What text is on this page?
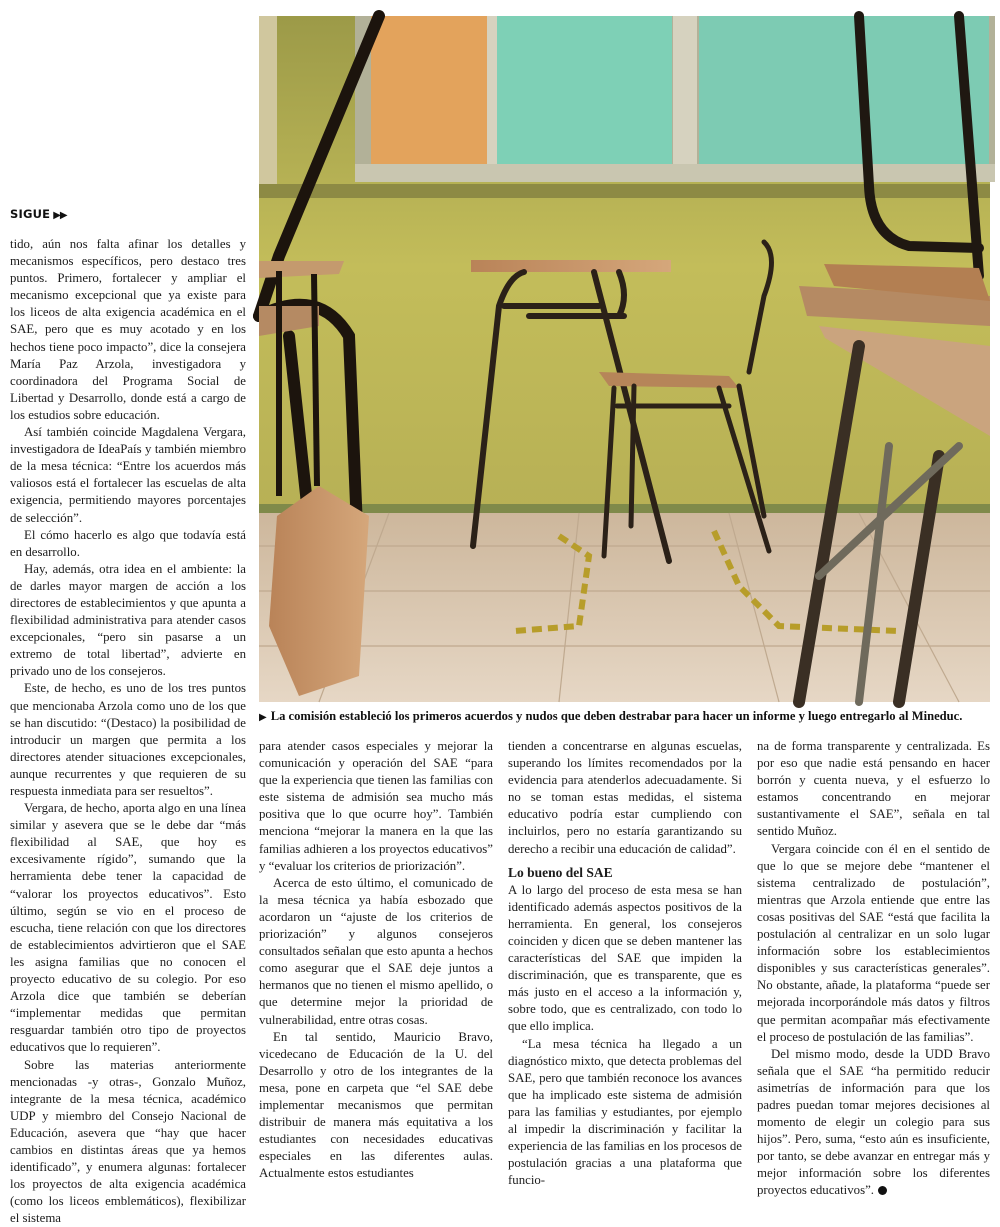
SIGUE ▶▶

tido, aún nos falta afinar los detalles y mecanismos específicos, pero destaco tres puntos. Primero, fortalecer y ampliar el mecanismo excepcional que ya existe para los liceos de alta exigencia académica en el SAE, pero que es muy acotado y en los hechos tiene poco impacto”, dice la consejera María Paz Arzola, investigadora y coordinadora del Programa Social de Libertad y Desarrollo, donde está a cargo de los estudios sobre educación.

Así también coincide Magdalena Vergara, investigadora de IdeaPaís y también miembro de la mesa técnica: “Entre los acuerdos más valiosos está el fortalecer las escuelas de alta exigencia, permitiendo mayores porcentajes de selección”.

El cómo hacerlo es algo que todavía está en desarrollo.

Hay, además, otra idea en el ambiente: la de darles mayor margen de acción a los directores de establecimientos y que apunta a flexibilidad administrativa para atender casos excepcionales, “pero sin pasarse a un extremo de total libertad”, advierte en privado uno de los consejeros.

Este, de hecho, es uno de los tres puntos que mencionaba Arzola como uno de los que se han discutido: “(Destaco) la posibilidad de introducir un margen que permita a los directores atender situaciones excepcionales, aunque recurrentes y que requieren de su respuesta inmediata para ser resueltos”.

Vergara, de hecho, aporta algo en una línea similar y asevera que se le debe dar “más flexibilidad al SAE, que hoy es excesivamente rígido”, sumando que la herramienta debe tener la capacidad de “valorar los proyectos educativos”. Esto último, según se vio en el proceso de escucha, tiene relación con que los directores de establecimientos advirtieron que el SAE les asigna familias que no conocen el proyecto educativo de su colegio. Por eso Arzola dice que también se deberían “implementar medidas que permitan resguardar también otro tipo de proyectos educativos que lo requieren”.

Sobre las materias anteriormente mencionadas -y otras-, Gonzalo Muñoz, integrante de la mesa técnica, académico UDP y miembro del Consejo Nacional de Educación, asevera que “hay que hacer cambios en distintas áreas que ya hemos identificado”, y enumera algunas: fortalecer los proyectos de alta exigencia académica (como los liceos emblemáticos), flexibilizar el sistema

▶ La comisión estableció los primeros acuerdos y nudos que deben destrabar para hacer un informe y luego entregarlo al Mineduc.

para atender casos especiales y mejorar la comunicación y operación del SAE “para que la experiencia que tienen las familias con este sistema de admisión sea mucho más positiva que lo que ocurre hoy”. También menciona “mejorar la manera en la que las familias adhieren a los proyectos educativos” y “evaluar los criterios de priorización”.

Acerca de esto último, el comunicado de la mesa técnica ya había esbozado que acordaron un “ajuste de los criterios de priorización” y algunos consejeros consultados señalan que esto apunta a hechos como asegurar que el SAE deje juntos a hermanos que no tienen el mismo apellido, o que determine mejor la prioridad de vulnerabilidad, entre otras cosas.

En tal sentido, Mauricio Bravo, vicedecano de Educación de la U. del Desarrollo y otro de los integrantes de la mesa, pone en carpeta que “el SAE debe implementar mecanismos que permitan distribuir de manera más equitativa a los estudiantes con necesidades educativas especiales en las diferentes aulas. Actualmente estos estudiantes

tienden a concentrarse en algunas escuelas, superando los límites recomendados por la evidencia para atenderlos adecuadamente. Si no se toman estas medidas, el sistema educativo podría estar cumpliendo con incluirlos, pero no estaría garantizando su derecho a recibir una educación de calidad”.

Lo bueno del SAE

A lo largo del proceso de esta mesa se han identificado además aspectos positivos de la herramienta. En general, los consejeros coinciden y dicen que se deben mantener las características del SAE que impiden la discriminación, que es transparente, que es más justo en el acceso a la información y, sobre todo, que es centralizado, con todo lo que ello implica.

“La mesa técnica ha llegado a un diagnóstico mixto, que detecta problemas del SAE, pero que también reconoce los avances que ha implicado este sistema de admisión para las familias y estudiantes, por ejemplo al impedir la discriminación y facilitar la experiencia de las familias en los procesos de postulación gracias a una plataforma que funcio-

na de forma transparente y centralizada. Es por eso que nadie está pensando en hacer borrón y cuenta nueva, y el esfuerzo lo estamos concentrando en mejorar sustantivamente el SAE”, señala en tal sentido Muñoz.

Vergara coincide con él en el sentido de que lo que se mejore debe “mantener el sistema centralizado de postulación”, mientras que Arzola entiende que entre las cosas positivas del SAE “está que facilita la postulación al centralizar en un solo lugar información sobre los establecimientos disponibles y sus características generales”. No obstante, añade, la plataforma “puede ser mejorada incorporándole más datos y filtros que permitan acompañar más efectivamente el proceso de postulación de las familias”.

Del mismo modo, desde la UDD Bravo señala que el SAE “ha permitido reducir asimetrías de información para que los padres puedan tomar mejores decisiones al momento de elegir un colegio para sus hijos”. Pero, suma, “esto aún es insuficiente, por tanto, se debe avanzar en entregar más y mejor información sobre los diferentes proyectos educativos”.
